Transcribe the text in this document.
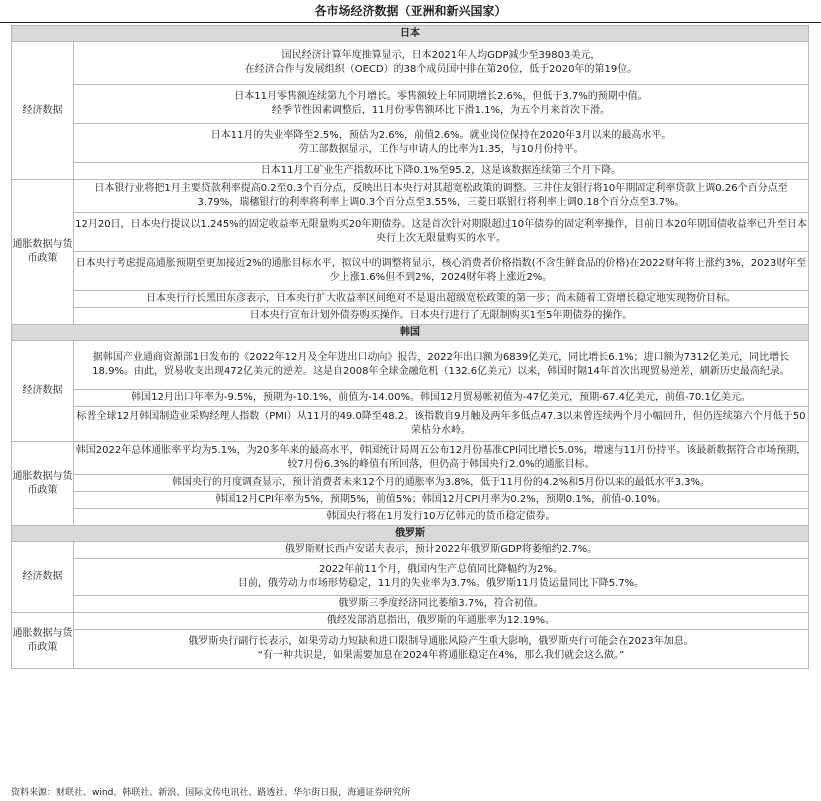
各市场经济数据（亚洲和新兴国家）
日本	
经济数据	国民经济计算年度推算显示，日本2021年人均GDP减少至39803美元，
在经济合作与发展组织（OECD）的38个成员国中排在第20位，低于2020年的第19位。
	日本11月零售额连续第九个月增长。零售额较上年同期增长2.6%，但低于3.7%的预期中值。
经季节性因素调整后，11月份零售额环比下滑1.1%，为五个月来首次下滑。
	日本11月的失业率降至2.5%，预估为2.6%，前值2.6%。就业岗位保持在2020年3月以来的最高水平。
劳工部数据显示，工作与申请人的比率为1.35，与10月份持平。
	日本11月工矿业生产指数环比下降0.1%至95.2，这是该数据连续第三个月下降。
通胀数据与货币政策	日本银行业将把1月主要贷款利率提高0.2至0.3个百分点，反映出日本央行对其超宽松政策的调整。三井住友银行将10年期固定利率贷款上调0.26个百分点至3.79%，瑞穗银行的利率将利率上调0.3个百分点至3.55%，三菱日联银行将利率上调0.18个百分点至3.7%。
	12月20日，日本央行提议以1.245%的固定收益率无限量购买20年期债券。这是首次针对期限超过10年债券的固定利率操作，目前日本20年期国债收益率已升至日本央行上次无限量购买的水平。
	日本央行考虑提高通胀预期至更加接近2%的通胀目标水平，拟议中的调整将显示，核心消费者价格指数(不含生鲜食品的价格)在2022财年将上涨约3%，2023财年至少上涨1.6%但不到2%，2024财年将上涨近2%。
	日本央行行长黑田东彦表示，日本央行扩大收益率区间绝对不是退出超级宽松政策的第一步；尚未随着工资增长稳定地实现物价目标。
	日本央行宣布计划外债券购买操作。日本央行进行了无限制购买1至5年期债券的操作。
韩国	
经济数据	据韩国产业通商资源部1日发布的《2022年12月及全年进出口动向》报告，2022年出口额为6839亿美元，同比增长6.1%；进口额为7312亿美元，同比增长18.9%。由此，贸易收支出现472亿美元的逆差。这是自2008年全球金融危机（132.6亿美元）以来，韩国时隔14年首次出现贸易逆差，刷新历史最高纪录。
	韩国12月出口年率为-9.5%，预期为-10.1%，前值为-14.00%。韩国12月贸易帐初值为-47亿美元，预期-67.4亿美元，前值-70.1亿美元。
	标普全球12月韩国制造业采购经理人指数（PMI）从11月的49.0降至48.2。该指数自9月触及两年多低点47.3以来曾连续两个月小幅回升，但仍连续第六个月低于50荣枯分水岭。
通胀数据与货币政策	韩国2022年总体通胀率平均为5.1%，为20多年来的最高水平，韩国统计局周五公布12月份基准CPI同比增长5.0%，增速与11月份持平。该最新数据符合市场预期，较7月份6.3%的峰值有所回落，但仍高于韩国央行2.0%的通胀目标。
	韩国央行的月度调查显示，预计消费者未来12个月的通胀率为3.8%，低于11月份的4.2%和5月份以来的最低水平3.3%。
	韩国12月CPI年率为5%，预期5%，前值5%；韩国12月CPI月率为0.2%，预期0.1%，前值-0.10%。
	韩国央行将在1月发行10万亿韩元的货币稳定债券。
俄罗斯	
经济数据	俄罗斯财长西卢安诺夫表示，预计2022年俄罗斯GDP将萎缩约2.7%。
	2022年前11个月，俄国内生产总值同比降幅约为2%。
目前，俄劳动力市场形势稳定，11月的失业率为3.7%。俄罗斯11月货运量同比下降5.7%。
	俄罗斯三季度经济同比萎缩3.7%，符合初值。
通胀数据与货币政策	俄经发部消息指出，俄罗斯的年通胀率为12.19%。
	俄罗斯央行副行长表示，如果劳动力短缺和进口限制导通胀风险产生重大影响，俄罗斯央行可能会在2023年加息。
“有一种共识是，如果需要加息在2024年将通胀稳定在4%，那么我们就会这么做。”
资料来源：财联社、wind、韩联社、新浪、国际文传电讯社、路透社、华尔街日报，海通证券研究所
